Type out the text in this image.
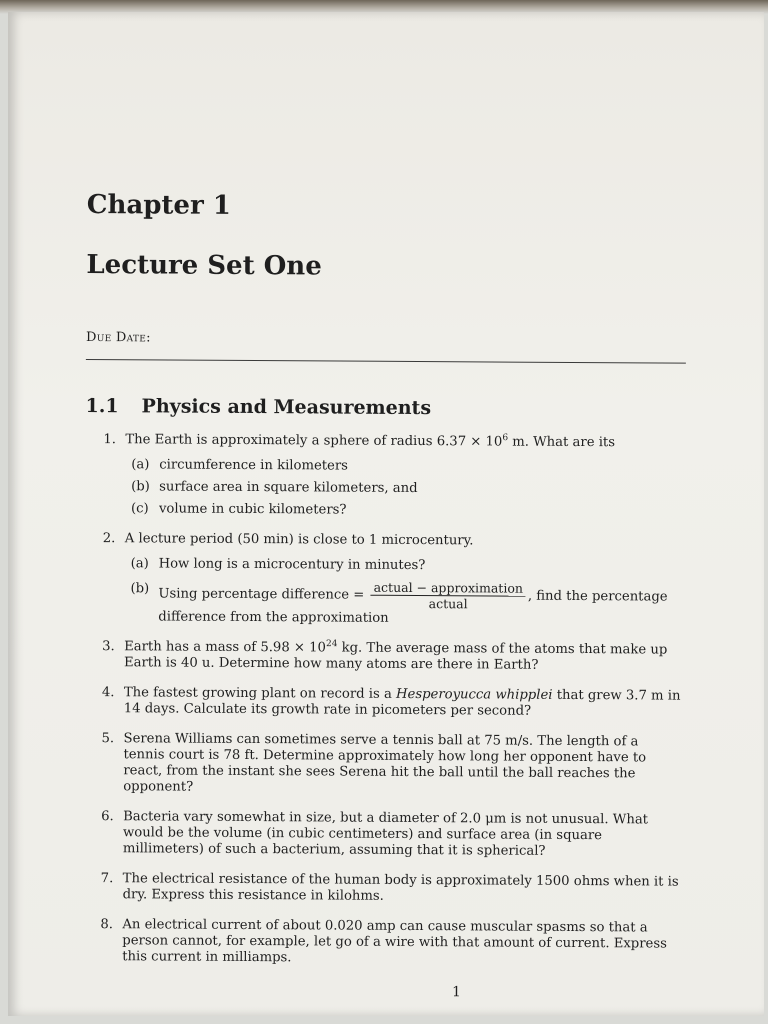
Chapter 1
Lecture Set One
Due Date:
1.1 Physics and Measurements
1. The Earth is approximately a sphere of radius $6.37 \times 10^6$ m. What are its
(a) circumference in kilometers
(b) surface area in square kilometers, and
(c) volume in cubic kilometers?
2. A lecture period (50 min) is close to 1 microcentury.
(a) How long is a microcentury in minutes?
(b) Using percentage difference = $\frac{\text{actual − approximation}}{\text{actual}}$ , find the percentage difference from the approximation
3. Earth has a mass of $5.98 \times 10^{24}$ kg. The average mass of the atoms that make up Earth is 40 u. Determine how many atoms are there in Earth?
4. The fastest growing plant on record is a Hesperoyucca whipplei that grew 3.7 m in 14 days. Calculate its growth rate in picometers per second?
5. Serena Williams can sometimes serve a tennis ball at 75 m/s. The length of a tennis court is 78 ft. Determine approximately how long her opponent have to react, from the instant she sees Serena hit the ball until the ball reaches the opponent?
6. Bacteria vary somewhat in size, but a diameter of 2.0 μm is not unusual. What would be the volume (in cubic centimeters) and surface area (in square millimeters) of such a bacterium, assuming that it is spherical?
7. The electrical resistance of the human body is approximately 1500 ohms when it is dry. Express this resistance in kilohms.
8. An electrical current of about 0.020 amp can cause muscular spasms so that a person cannot, for example, let go of a wire with that amount of current. Express this current in milliamps.
1
